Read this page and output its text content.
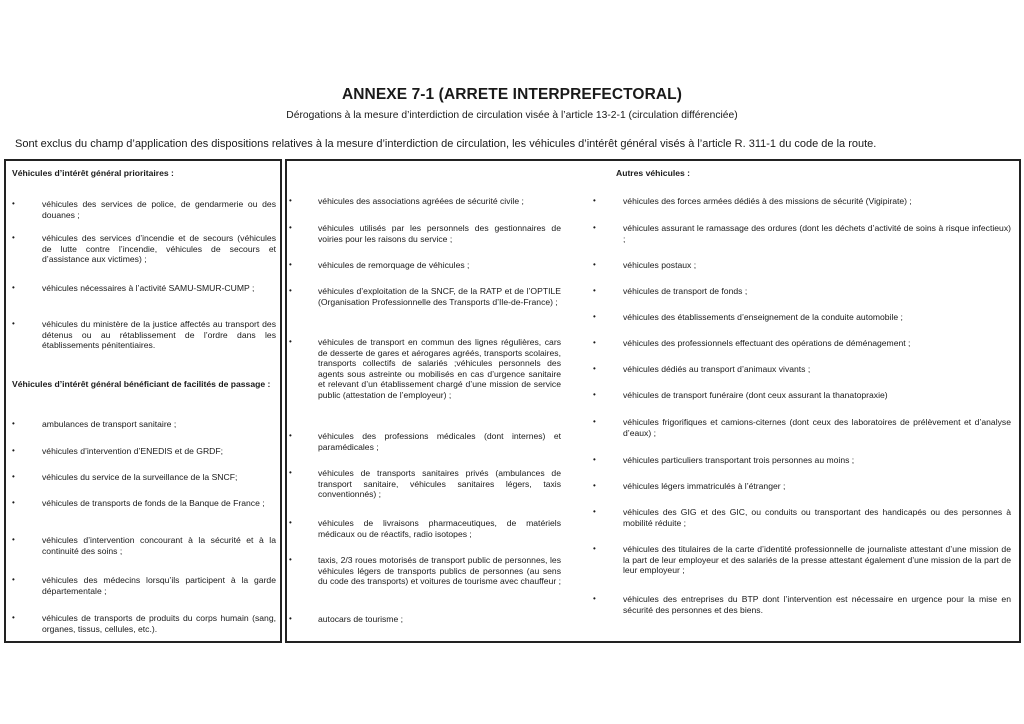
ANNEXE 7-1 (ARRETE INTERPREFECTORAL)
Dérogations à la mesure d’interdiction de circulation visée à l’article 13-2-1 (circulation différenciée)
Sont exclus du champ d’application des dispositions relatives à la mesure d’interdiction de circulation, les véhicules d’intérêt général visés à l’article R. 311-1 du code de la route.
Véhicules d’intérêt général prioritaires :
•	véhicules des services de police, de gendarmerie ou des douanes ;
•	véhicules des services d’incendie et de secours (véhicules de lutte contre l’incendie, véhicules de secours et d’assistance aux victimes) ;
•	véhicules nécessaires à l’activité SAMU-SMUR-CUMP ;
•	véhicules du ministère de la justice affectés au transport des détenus ou au rétablissement de l’ordre dans les établissements pénitentiaires.
Véhicules d’intérêt général bénéficiant de facilités de passage :
•	ambulances de transport sanitaire ;
•	véhicules d’intervention d’ENEDIS et de GRDF;
•	véhicules du service de la surveillance de la SNCF;
•	véhicules de transports de fonds de la Banque de France ;
•	véhicules d’intervention concourant à la sécurité et à la continuité des soins ;
•	véhicules des médecins lorsqu’ils participent à la garde départementale ;
•	véhicules de transports de produits du corps humain (sang, organes, tissus, cellules, etc.).
Autres véhicules :
•	véhicules des associations agréées de sécurité civile ;
•	véhicules utilisés par les personnels des gestionnaires de voiries pour les raisons du service ;
•	véhicules de remorquage de véhicules ;
•	véhicules d’exploitation de la SNCF, de la RATP et de l’OPTILE (Organisation Professionnelle des Transports d’Ile-de-France) ;
•	véhicules de transport en commun des lignes régulières, cars de desserte de gares et aérogares agréés, transports scolaires, transports collectifs de salariés ;véhicules personnels des agents sous astreinte ou mobilisés en cas d’urgence sanitaire et relevant d’un établissement chargé d’une mission de service public (attestation de l’employeur) ;
•	véhicules des professions médicales (dont internes) et paramédicales ;
•	véhicules de transports sanitaires privés (ambulances de transport sanitaire, véhicules sanitaires légers, taxis conventionnés) ;
•	véhicules de livraisons pharmaceutiques, de matériels médicaux ou de réactifs, radio isotopes ;
•	taxis, 2/3 roues motorisés de transport public de personnes, les véhicules légers de transports publics de personnes (au sens du code des transports) et voitures de tourisme avec chauffeur ;
•	autocars de tourisme ;
•	véhicules des forces armées dédiés à des missions de sécurité (Vigipirate) ;
•	véhicules assurant le ramassage des ordures (dont les déchets d’activité de soins à risque infectieux) ;
•	véhicules postaux ;
•	véhicules de transport de fonds ;
•	véhicules des établissements d’enseignement de la conduite automobile ;
•	véhicules des professionnels effectuant des opérations de déménagement ;
•	véhicules dédiés au transport d’animaux vivants ;
•	véhicules de transport funéraire (dont ceux assurant la thanatopraxie)
•	véhicules frigorifiques et camions-citernes (dont ceux des laboratoires de prélèvement et d’analyse d’eaux) ;
•	véhicules particuliers transportant trois personnes au moins ;
•	véhicules légers immatriculés à l’étranger ;
•	véhicules des GIG et des GIC, ou conduits ou transportant des handicapés ou des personnes à mobilité réduite ;
•	véhicules des titulaires de la carte d’identité professionnelle de journaliste attestant d’une mission de la part de leur employeur et des salariés de la presse attestant également d’une mission de la part de leur employeur ;
•	véhicules des entreprises du BTP dont l’intervention est nécessaire en urgence pour la mise en sécurité des personnes et des biens.
